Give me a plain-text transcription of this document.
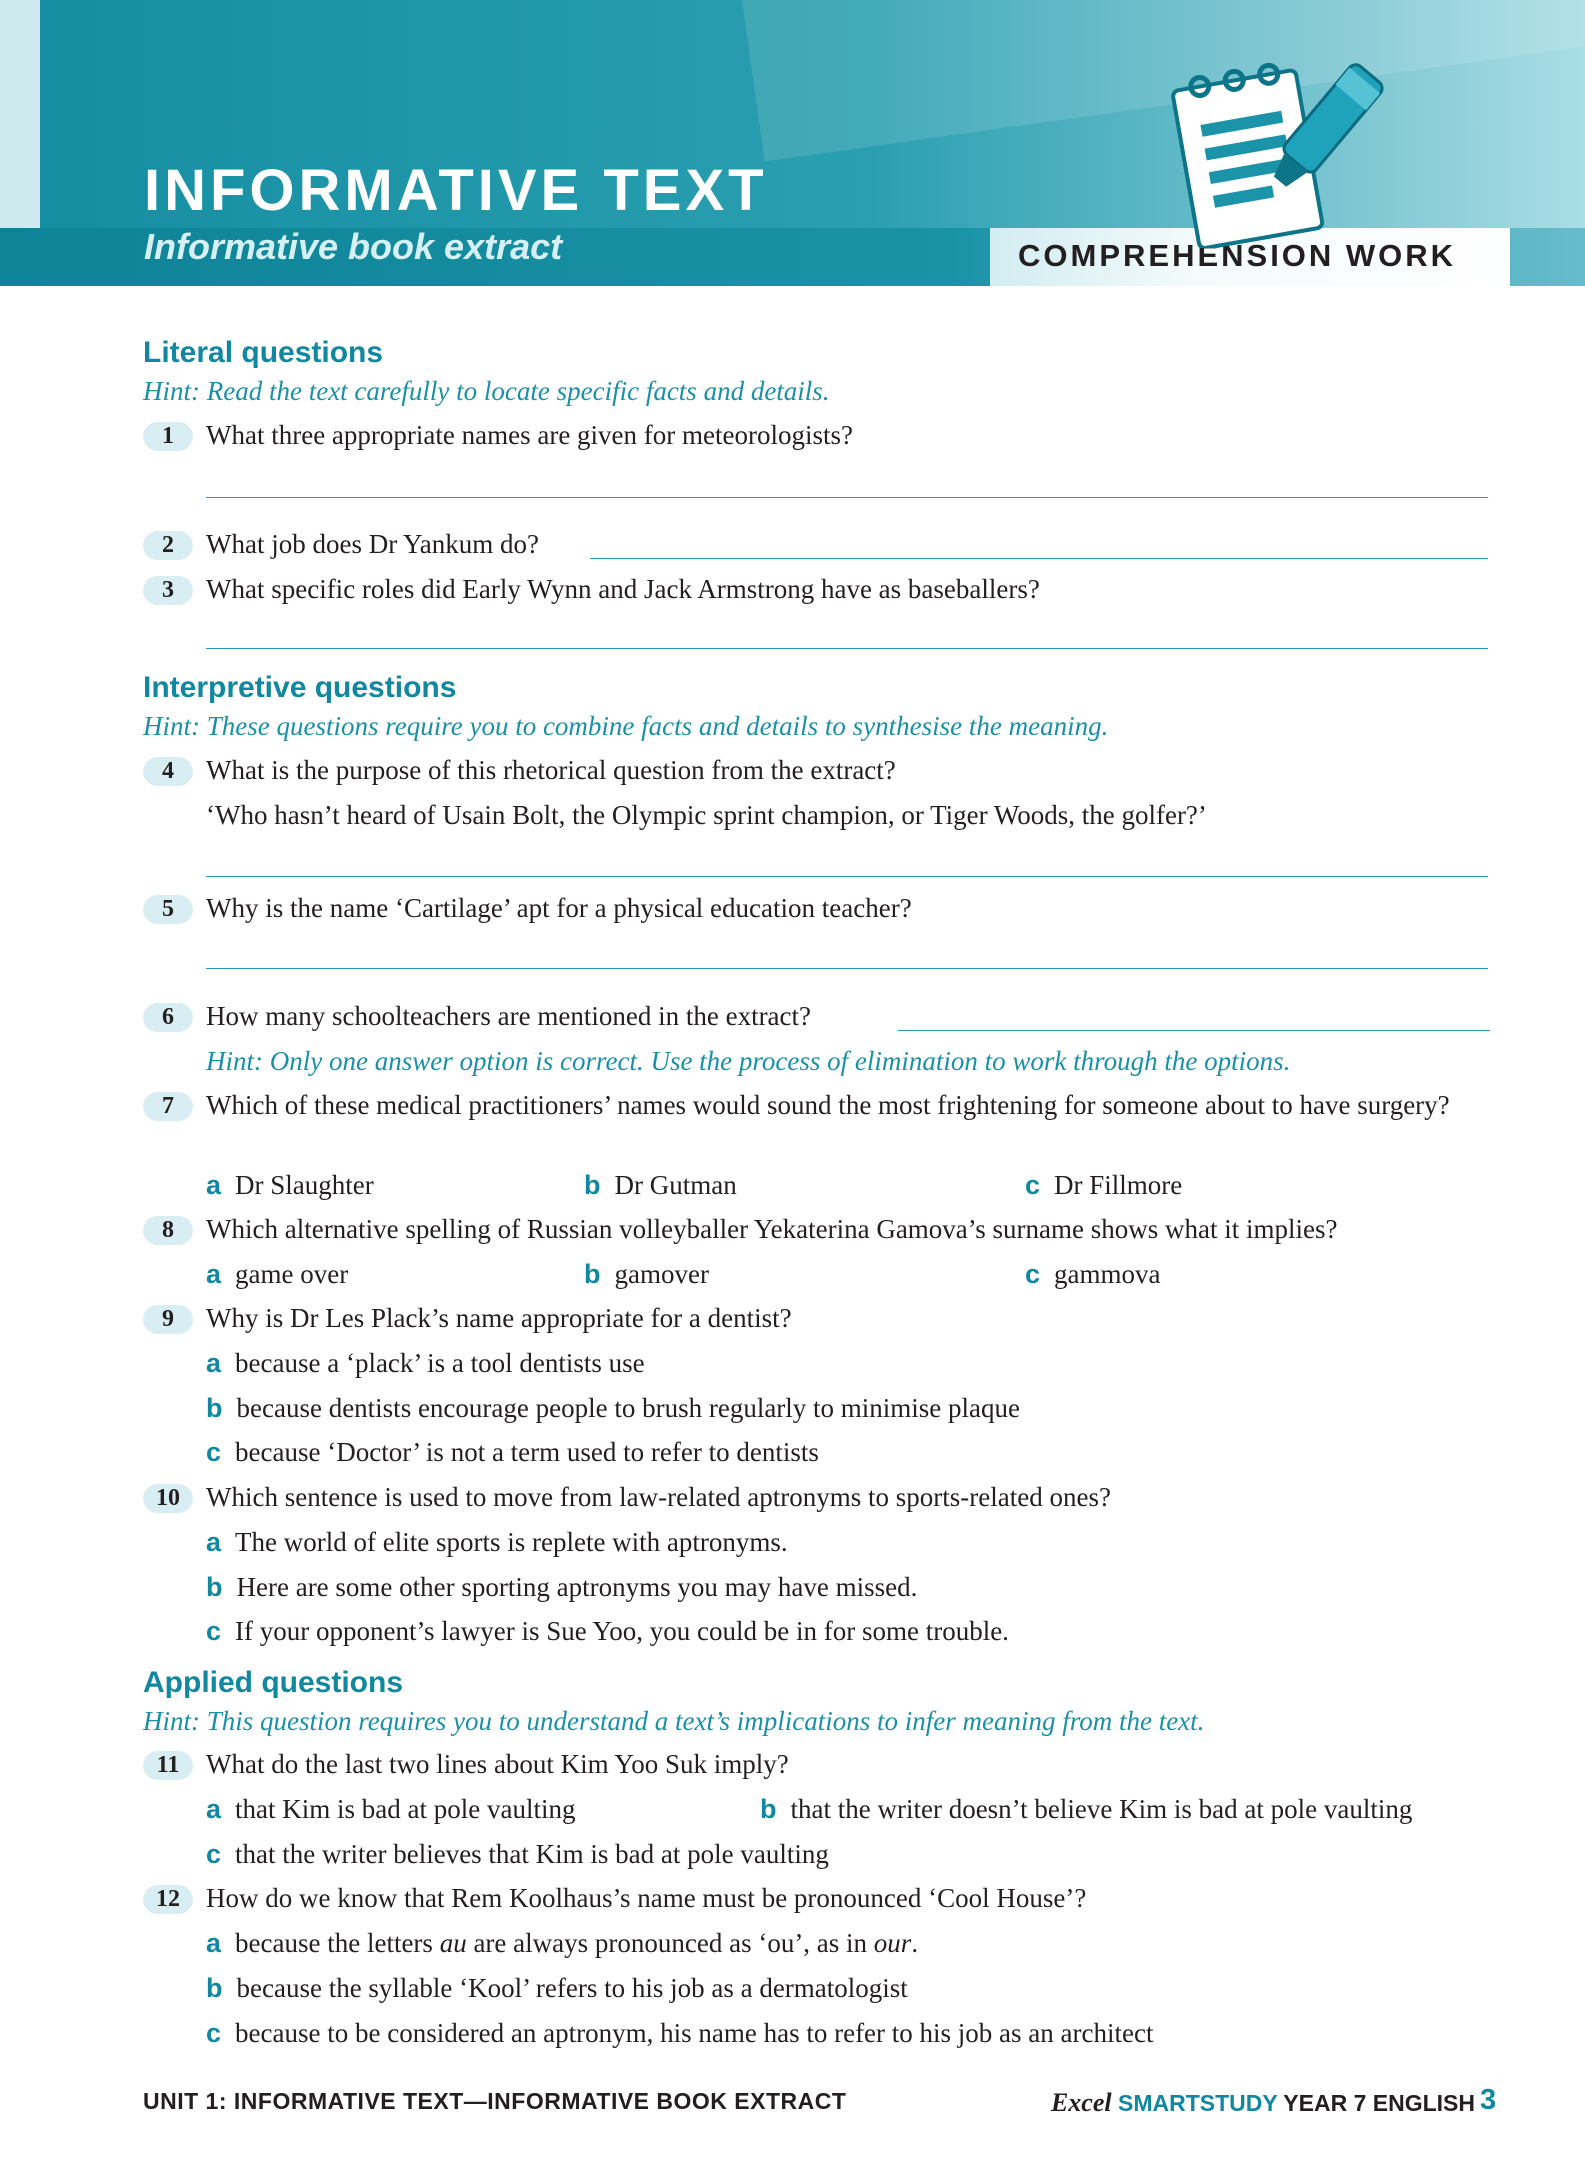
INFORMATIVE TEXT
Informative book extract	COMPREHENSION WORK
Literal questions

Hint: Read the text carefully to locate specific facts and details.

1	What three appropriate names are given for meteorologists?

2	What job does Dr Yankum do?

3	What specific roles did Early Wynn and Jack Armstrong have as baseballers?

Interpretive questions

Hint: These questions require you to combine facts and details to synthesise the meaning.

4	What is the purpose of this rhetorical question from the extract?

‘Who hasn’t heard of Usain Bolt, the Olympic sprint champion, or Tiger Woods, the golfer?’

5	Why is the name ‘Cartilage’ apt for a physical education teacher?

6	How many schoolteachers are mentioned in the extract?

Hint: Only one answer option is correct. Use the process of elimination to work through the options.

7	Which of these medical practitioners’ names would sound the most frightening for someone about to have surgery?

a Dr Slaughter	b Dr Gutman	c Dr Fillmore
8	Which alternative spelling of Russian volleyballer Yekaterina Gamova’s surname shows what it implies?

a game over	b gamover	c gammova
9	Why is Dr Les Plack’s name appropriate for a dentist?

a because a ‘plack’ is a tool dentists use
b because dentists encourage people to brush regularly to minimise plaque
c because ‘Doctor’ is not a term used to refer to dentists
10 Which sentence is used to move from law-related aptronyms to sports-related ones?

a The world of elite sports is replete with aptronyms.
b Here are some other sporting aptronyms you may have missed.
c If your opponent’s lawyer is Sue Yoo, you could be in for some trouble.
Applied questions

Hint: This question requires you to understand a text’s implications to infer meaning from the text.

11 What do the last two lines about Kim Yoo Suk imply?

a that Kim is bad at pole vaulting	b that the writer doesn’t believe Kim is bad at pole vaulting
c that the writer believes that Kim is bad at pole vaulting
12 How do we know that Rem Koolhaus’s name must be pronounced ‘Cool House’?

a because the letters au are always pronounced as ‘ou’, as in our.
b because the syllable ‘Kool’ refers to his job as a dermatologist
c because to be considered an aptronym, his name has to refer to his job as an architect
UNIT 1: INFORMATIVE TEXT—INFORMATIVE BOOK EXTRACT	Excel SMARTSTUDY YEAR 7 ENGLISH 3
